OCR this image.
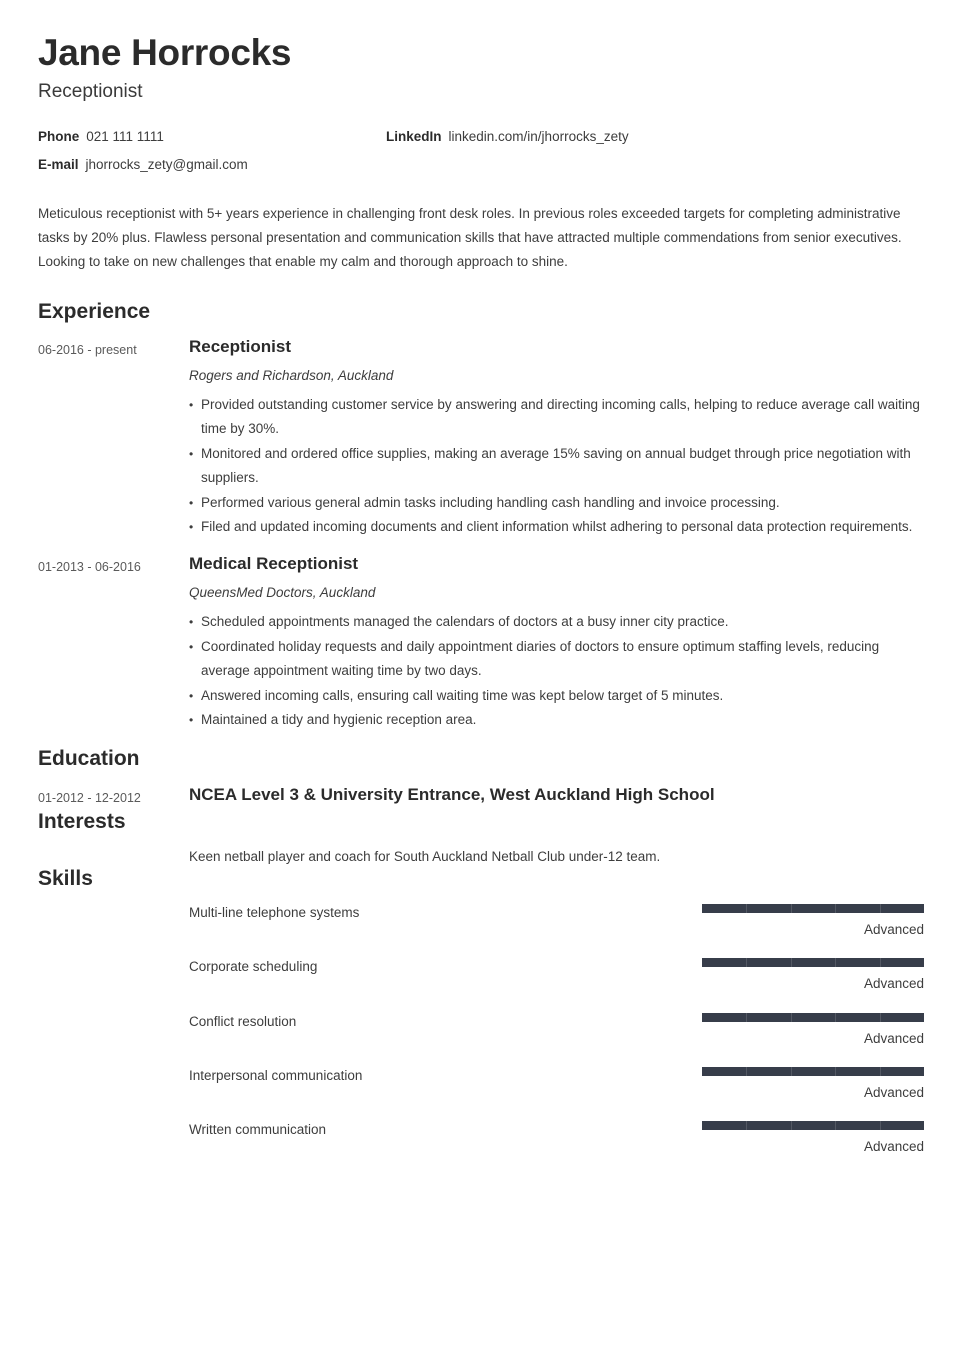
Jane Horrocks
Receptionist
Phone 021 111 1111	LinkedIn linkedin.com/in/jhorrocks_zety
E-mail jhorrocks_zety@gmail.com

Meticulous receptionist with 5+ years experience in challenging front desk roles. In previous roles exceeded targets for completing administrative tasks by 20% plus. Flawless personal presentation and communication skills that have attracted multiple commendations from senior executives. Looking to take on new challenges that enable my calm and thorough approach to shine.

Experience
06-2016 - present	Receptionist
Rogers and Richardson, Auckland
• Provided outstanding customer service by answering and directing incoming calls, helping to reduce average call waiting time by 30%.
• Monitored and ordered office supplies, making an average 15% saving on annual budget through price negotiation with suppliers.
• Performed various general admin tasks including handling cash handling and invoice processing.
• Filed and updated incoming documents and client information whilst adhering to personal data protection requirements.
01-2013 - 06-2016	Medical Receptionist
QueensMed Doctors, Auckland
• Scheduled appointments managed the calendars of doctors at a busy inner city practice.
• Coordinated holiday requests and daily appointment diaries of doctors to ensure optimum staffing levels, reducing average appointment waiting time by two days.
• Answered incoming calls, ensuring call waiting time was kept below target of 5 minutes.
• Maintained a tidy and hygienic reception area.
Education
01-2012 - 12-2012	NCEA Level 3 & University Entrance, West Auckland High School
Interests
Keen netball player and coach for South Auckland Netball Club under-12 team.
Skills
Multi-line telephone systems
Advanced
Corporate scheduling
Advanced
Conflict resolution
Advanced
Interpersonal communication
Advanced
Written communication
Advanced
